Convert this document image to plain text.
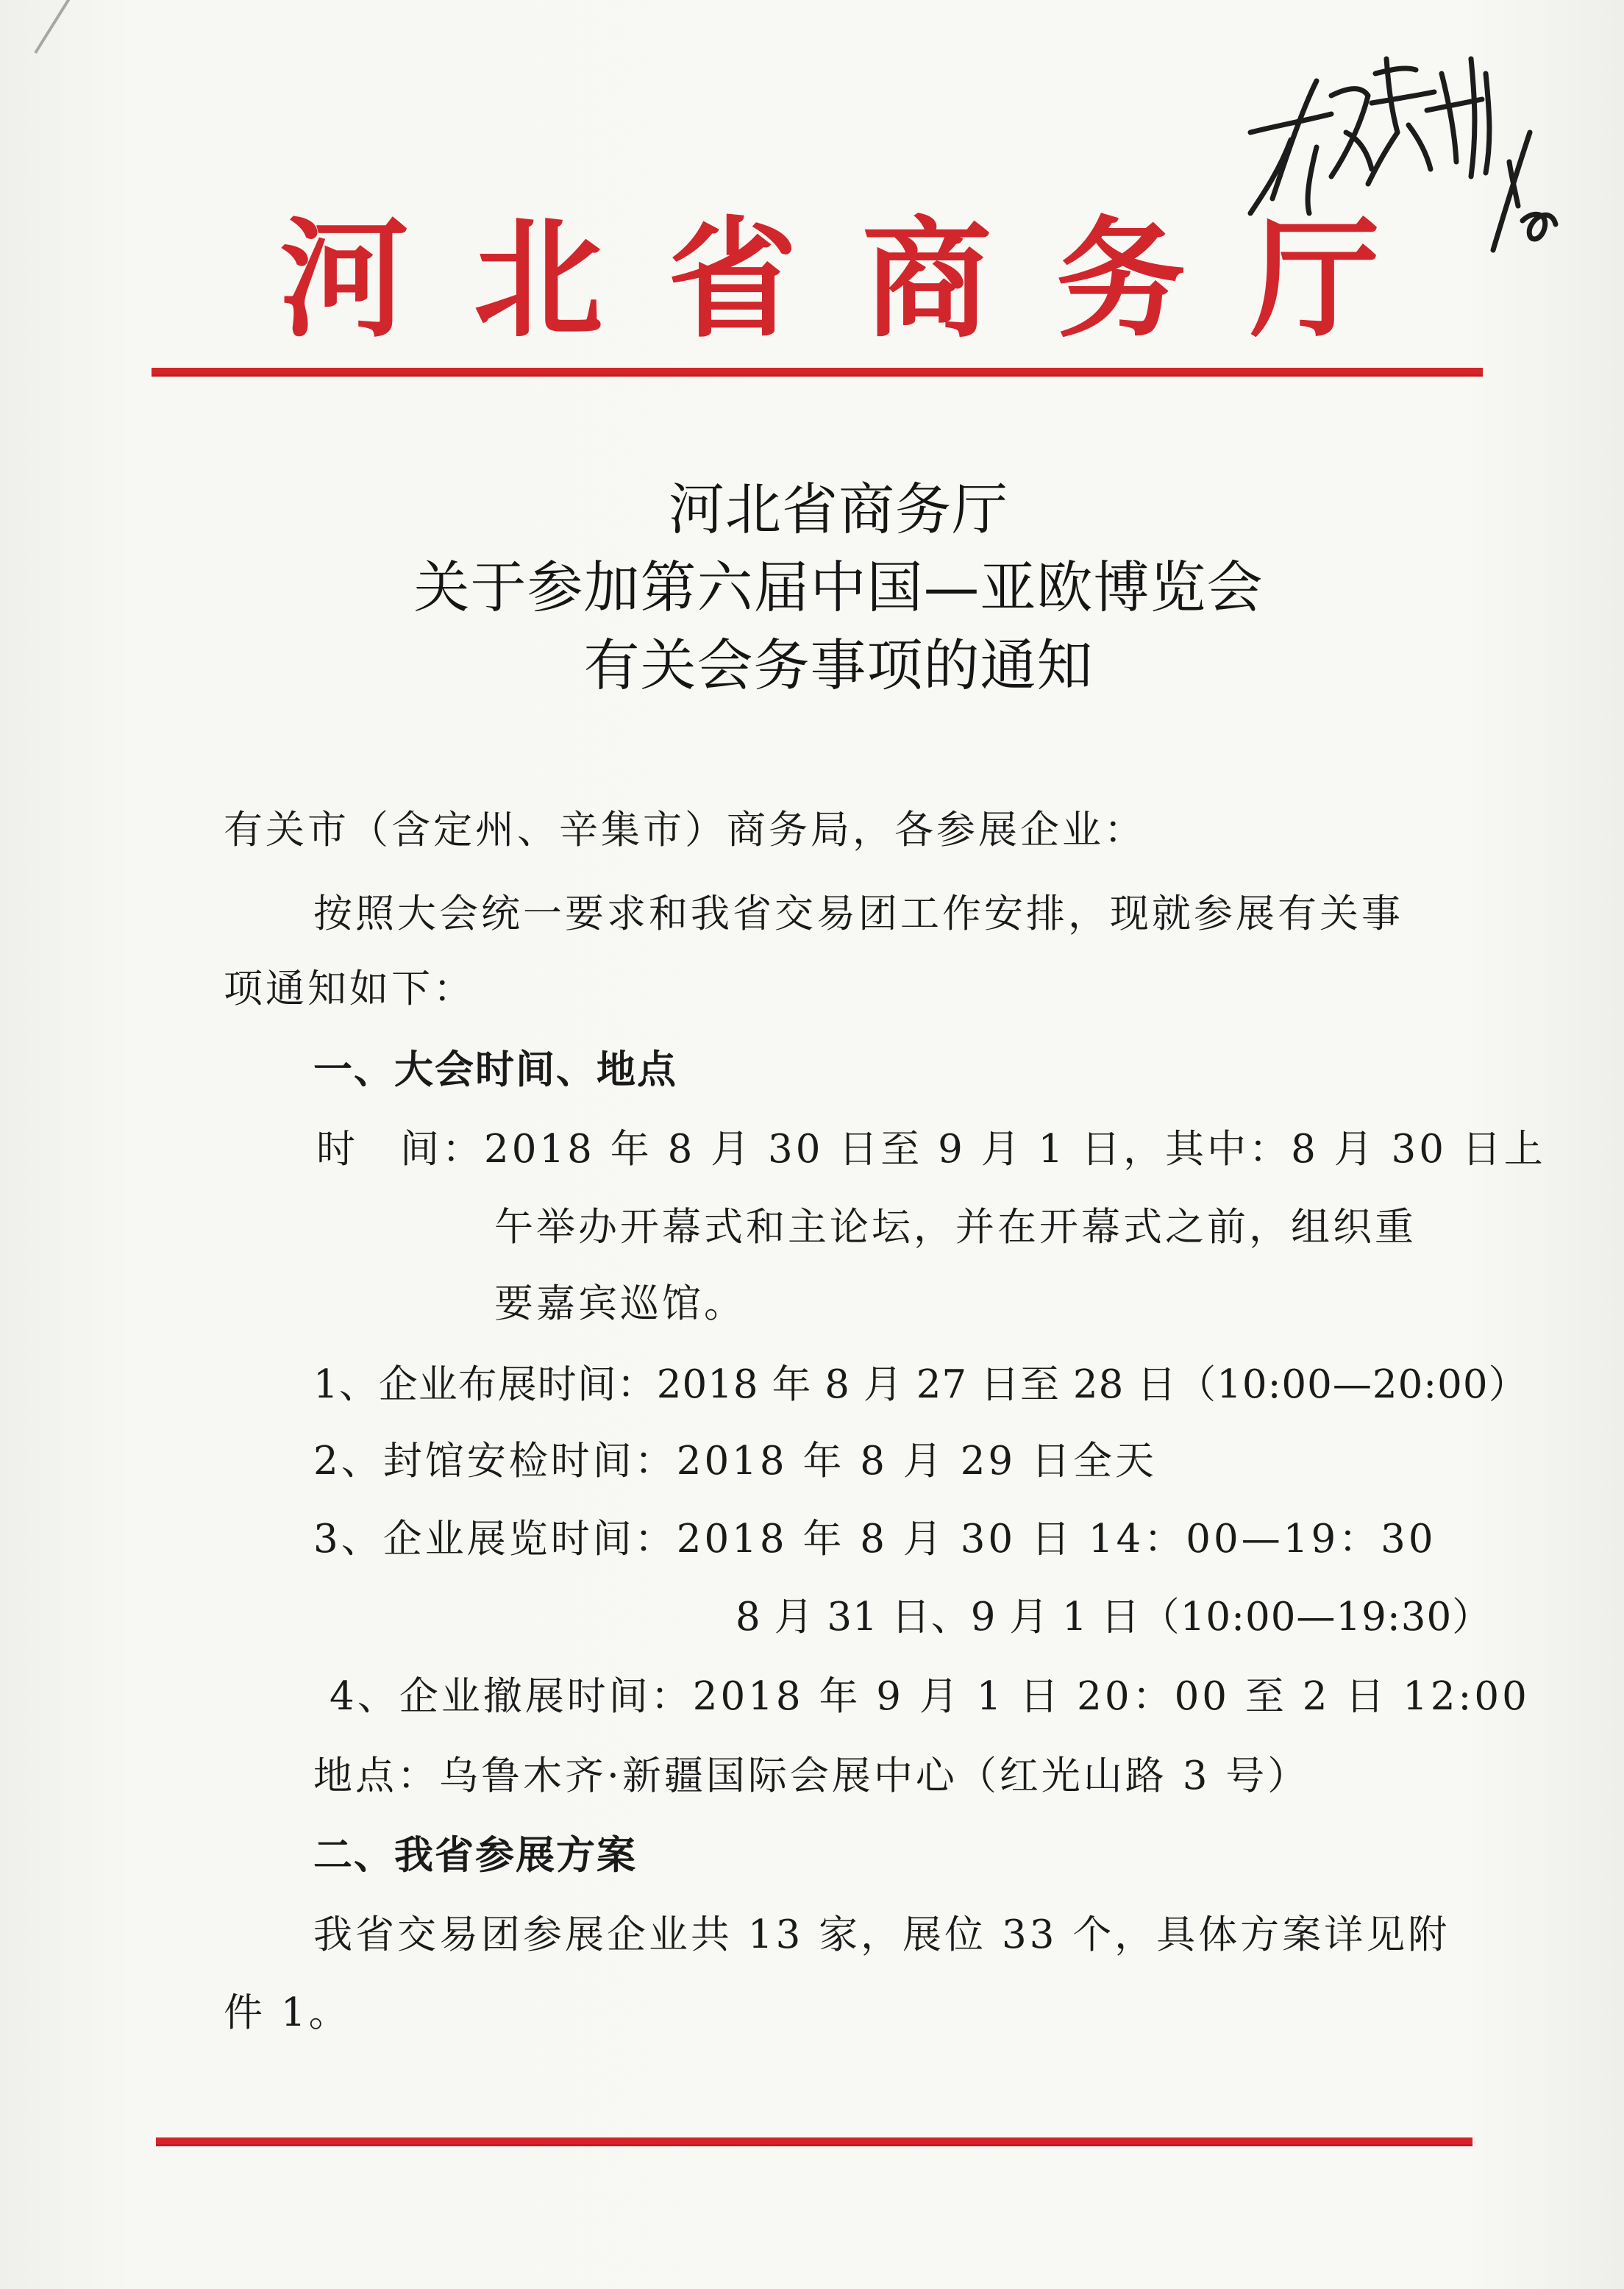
河北省商务厅
河北省商务厅
关于参加第六届中国—亚欧博览会
有关会务事项的通知
有关市（含定州、辛集市）商务局，各参展企业：
按照大会统一要求和我省交易团工作安排，现就参展有关事
项通知如下：
一、大会时间、地点
时　间：2018 年 8 月 30 日至 9 月 1 日，其中：8 月 30 日上
午举办开幕式和主论坛，并在开幕式之前，组织重
要嘉宾巡馆。
1、企业布展时间：2018 年 8 月 27 日至 28 日（10:00—20:00）
2、封馆安检时间：2018 年 8 月 29 日全天
3、企业展览时间：2018 年 8 月 30 日 14：00—19：30
8 月 31 日、9 月 1 日（10:00—19:30）
4、企业撤展时间：2018 年 9 月 1 日 20：00 至 2 日 12:00
地点：乌鲁木齐·新疆国际会展中心（红光山路 3 号）
二、我省参展方案
我省交易团参展企业共 13 家，展位 33 个，具体方案详见附
件 1。
